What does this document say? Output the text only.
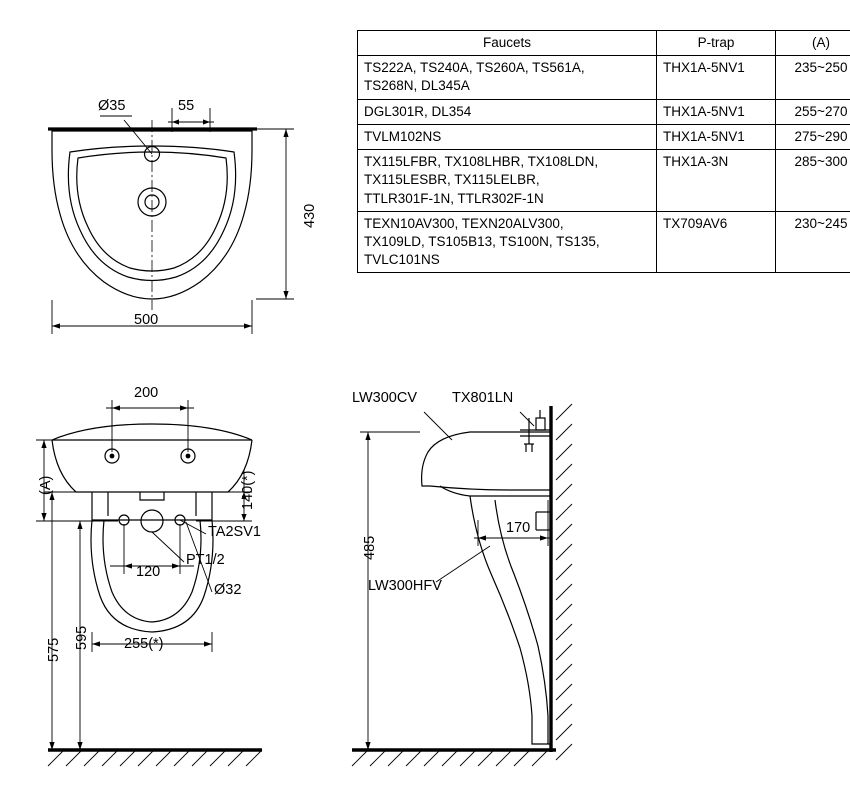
Faucets	P-trap	(A)

TS222A, TS240A, TS260A, TS561A,
TS268N, DL345A	THX1A-5NV1	235~250

DGL301R, DL354	THX1A-5NV1	255~270

TVLM102NS	THX1A-5NV1	275~290

TX115LFBR, TX108LHBR, TX108LDN,
TX115LESBR, TX115LELBR,
TTLR301F-1N, TTLR302F-1N	THX1A-3N	285~300

TEXN10AV300, TEXN20ALV300,
TX109LD, TS105B13, TS100N, TS135,
TVLC101NS	TX709AV6	230~245
Ø35	55
430
500
200
(A)	140(*)
120
255(*)
575 595
TA2SV1
PT1/2
Ø32
LW300CV TX801LN
485
170
LW300HFV
